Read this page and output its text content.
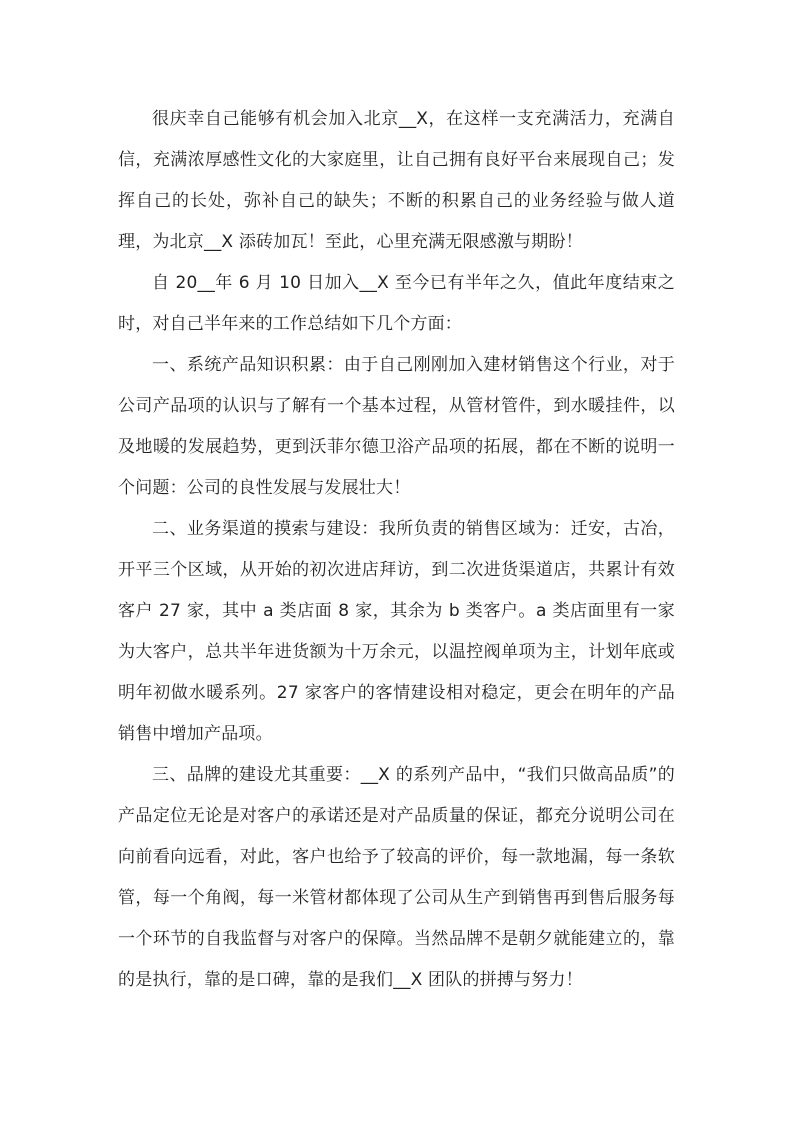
很庆幸自己能够有机会加入北京__X，在这样一支充满活力，充满自信，充满浓厚感性文化的大家庭里，让自己拥有良好平台来展现自己；发挥自己的长处，弥补自己的缺失；不断的积累自己的业务经验与做人道理，为北京__X 添砖加瓦！至此，心里充满无限感激与期盼！

自 20__年 6 月 10 日加入__X 至今已有半年之久，值此年度结束之时，对自己半年来的工作总结如下几个方面：

一、系统产品知识积累：由于自己刚刚加入建材销售这个行业，对于公司产品项的认识与了解有一个基本过程，从管材管件，到水暖挂件，以及地暖的发展趋势，更到沃菲尔德卫浴产品项的拓展，都在不断的说明一个问题：公司的良性发展与发展壮大！

二、业务渠道的摸索与建设：我所负责的销售区域为：迁安，古冶，开平三个区域，从开始的初次进店拜访，到二次进货渠道店，共累计有效客户 27 家，其中 a 类店面 8 家，其余为 b 类客户。a 类店面里有一家为大客户，总共半年进货额为十万余元，以温控阀单项为主，计划年底或明年初做水暖系列。27 家客户的客情建设相对稳定，更会在明年的产品销售中增加产品项。

三、品牌的建设尤其重要：__X 的系列产品中，“我们只做高品质”的产品定位无论是对客户的承诺还是对产品质量的保证，都充分说明公司在向前看向远看，对此，客户也给予了较高的评价，每一款地漏，每一条软管，每一个角阀，每一米管材都体现了公司从生产到销售再到售后服务每一个环节的自我监督与对客户的保障。当然品牌不是朝夕就能建立的，靠的是执行，靠的是口碑，靠的是我们__X 团队的拼搏与努力！
